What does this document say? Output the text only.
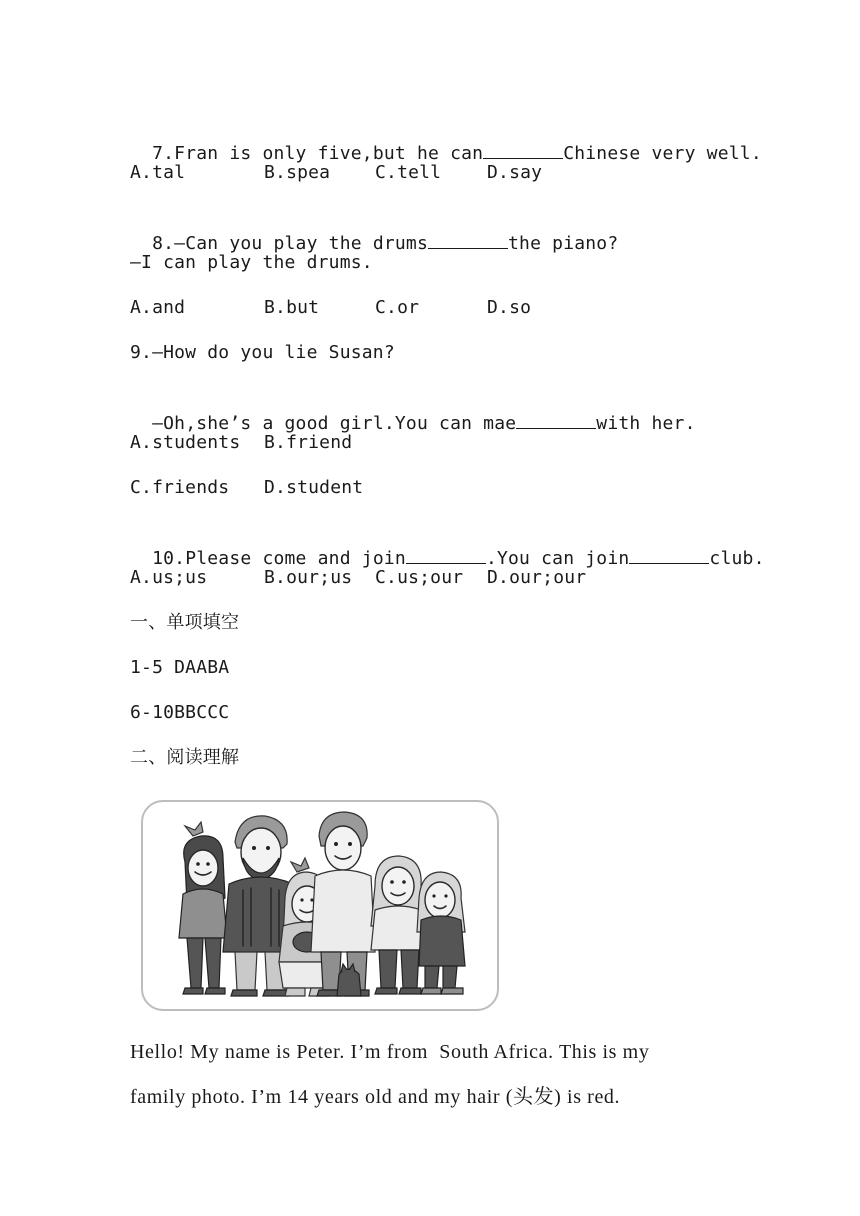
7.Fran is only five,but he can	Chinese very well.

A.tal

	B.spea

C.tell

	D.say

8.—Can you play the drums	the piano?

—I can play the drums.

A.and

	B.but

	C.or

	D.so

9.—How do you lie Susan?

—Oh,she’s a good girl.You can mae	with her.

A.students

B.friend

C.friends

D.student

10.Please come and join	.You can join	club.

A.us;us

	B.our;us

C.us;our

D.our;our

一、单项填空
1-5 DAABA
6-10BBCCC
二、阅读理解
Hello! My name is Peter. I’m from  South Africa. This is my
family photo. I’m 14 years old and my hair (头发) is red.
